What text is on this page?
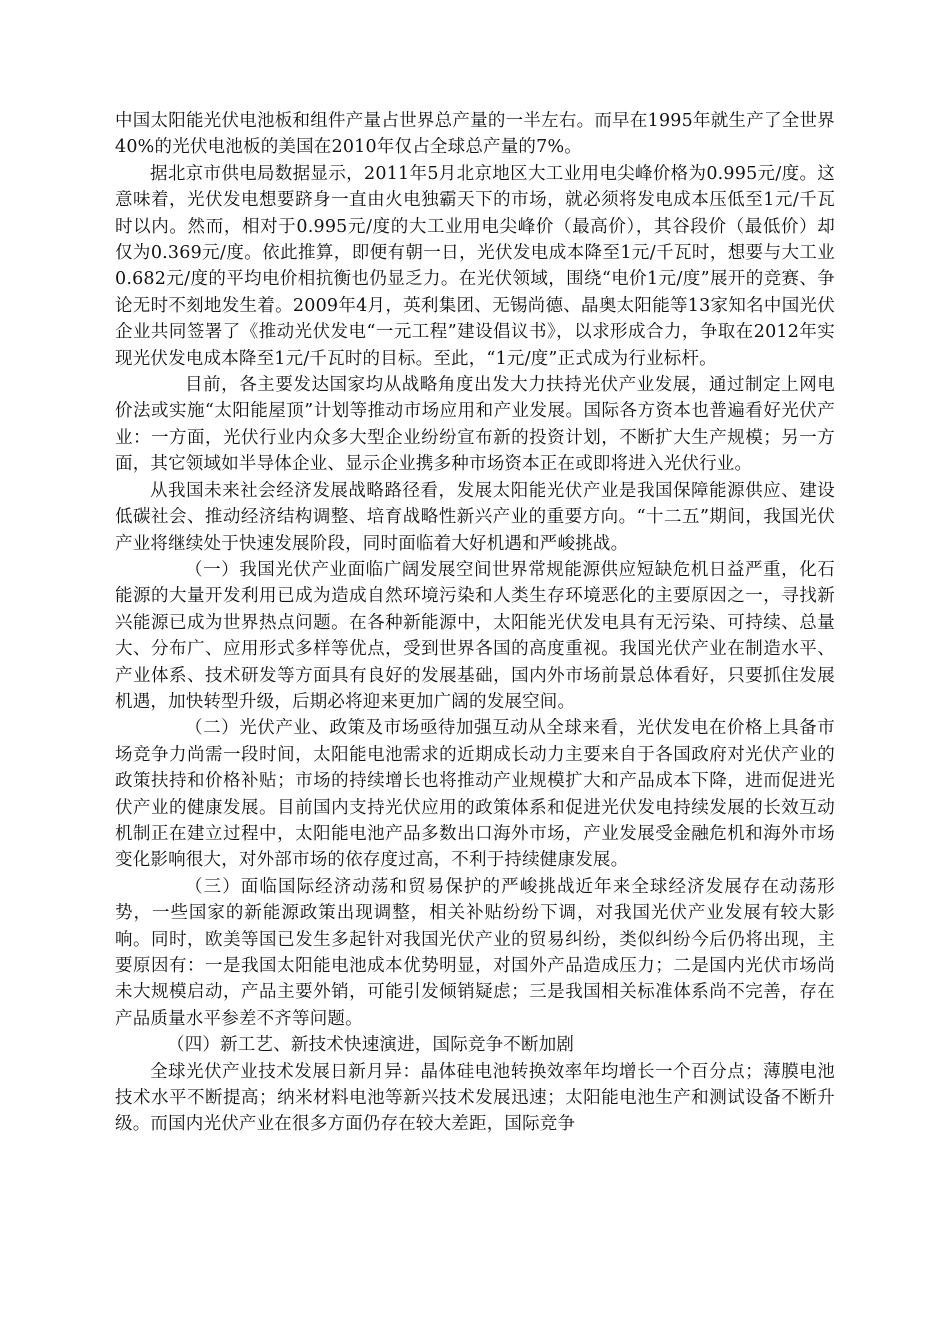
中国太阳能光伏电池板和组件产量占世界总产量的一半左右。而早在1995年就生产了全世界40%的光伏电池板的美国在2010年仅占全球总产量的7%。

据北京市供电局数据显示，2011年5月北京地区大工业用电尖峰价格为0.995元/度。这意味着，光伏发电想要跻身一直由火电独霸天下的市场，就必须将发电成本压低至1元/千瓦时以内。然而，相对于0.995元/度的大工业用电尖峰价（最高价），其谷段价（最低价）却仅为0.369元/度。依此推算，即便有朝一日，光伏发电成本降至1元/千瓦时，想要与大工业0.682元/度的平均电价相抗衡也仍显乏力。在光伏领域，围绕“电价1元/度”展开的竞赛、争论无时不刻地发生着。2009年4月，英利集团、无锡尚德、晶奥太阳能等13家知名中国光伏企业共同签署了《推动光伏发电“一元工程”建设倡议书》，以求形成合力，争取在2012年实现光伏发电成本降至1元/千瓦时的目标。至此，“1元/度”正式成为行业标杆。

目前，各主要发达国家均从战略角度出发大力扶持光伏产业发展，通过制定上网电价法或实施“太阳能屋顶”计划等推动市场应用和产业发展。国际各方资本也普遍看好光伏产业：一方面，光伏行业内众多大型企业纷纷宣布新的投资计划，不断扩大生产规模；另一方面，其它领域如半导体企业、显示企业携多种市场资本正在或即将进入光伏行业。

从我国未来社会经济发展战略路径看，发展太阳能光伏产业是我国保障能源供应、建设低碳社会、推动经济结构调整、培育战略性新兴产业的重要方向。“十二五”期间，我国光伏产业将继续处于快速发展阶段，同时面临着大好机遇和严峻挑战。

（一）我国光伏产业面临广阔发展空间世界常规能源供应短缺危机日益严重，化石能源的大量开发利用已成为造成自然环境污染和人类生存环境恶化的主要原因之一，寻找新兴能源已成为世界热点问题。在各种新能源中，太阳能光伏发电具有无污染、可持续、总量大、分布广、应用形式多样等优点，受到世界各国的高度重视。我国光伏产业在制造水平、产业体系、技术研发等方面具有良好的发展基础，国内外市场前景总体看好，只要抓住发展机遇，加快转型升级，后期必将迎来更加广阔的发展空间。

（二）光伏产业、政策及市场亟待加强互动从全球来看，光伏发电在价格上具备市场竞争力尚需一段时间，太阳能电池需求的近期成长动力主要来自于各国政府对光伏产业的政策扶持和价格补贴；市场的持续增长也将推动产业规模扩大和产品成本下降，进而促进光伏产业的健康发展。目前国内支持光伏应用的政策体系和促进光伏发电持续发展的长效互动机制正在建立过程中，太阳能电池产品多数出口海外市场，产业发展受金融危机和海外市场变化影响很大，对外部市场的依存度过高，不利于持续健康发展。

（三）面临国际经济动荡和贸易保护的严峻挑战近年来全球经济发展存在动荡形势，一些国家的新能源政策出现调整，相关补贴纷纷下调，对我国光伏产业发展有较大影响。同时，欧美等国已发生多起针对我国光伏产业的贸易纠纷，类似纠纷今后仍将出现，主要原因有：一是我国太阳能电池成本优势明显，对国外产品造成压力；二是国内光伏市场尚未大规模启动，产品主要外销，可能引发倾销疑虑；三是我国相关标准体系尚不完善，存在产品质量水平参差不齐等问题。

（四）新工艺、新技术快速演进，国际竞争不断加剧

全球光伏产业技术发展日新月异：晶体硅电池转换效率年均增长一个百分点；薄膜电池技术水平不断提高；纳米材料电池等新兴技术发展迅速；太阳能电池生产和测试设备不断升级。而国内光伏产业在很多方面仍存在较大差距，国际竞争
